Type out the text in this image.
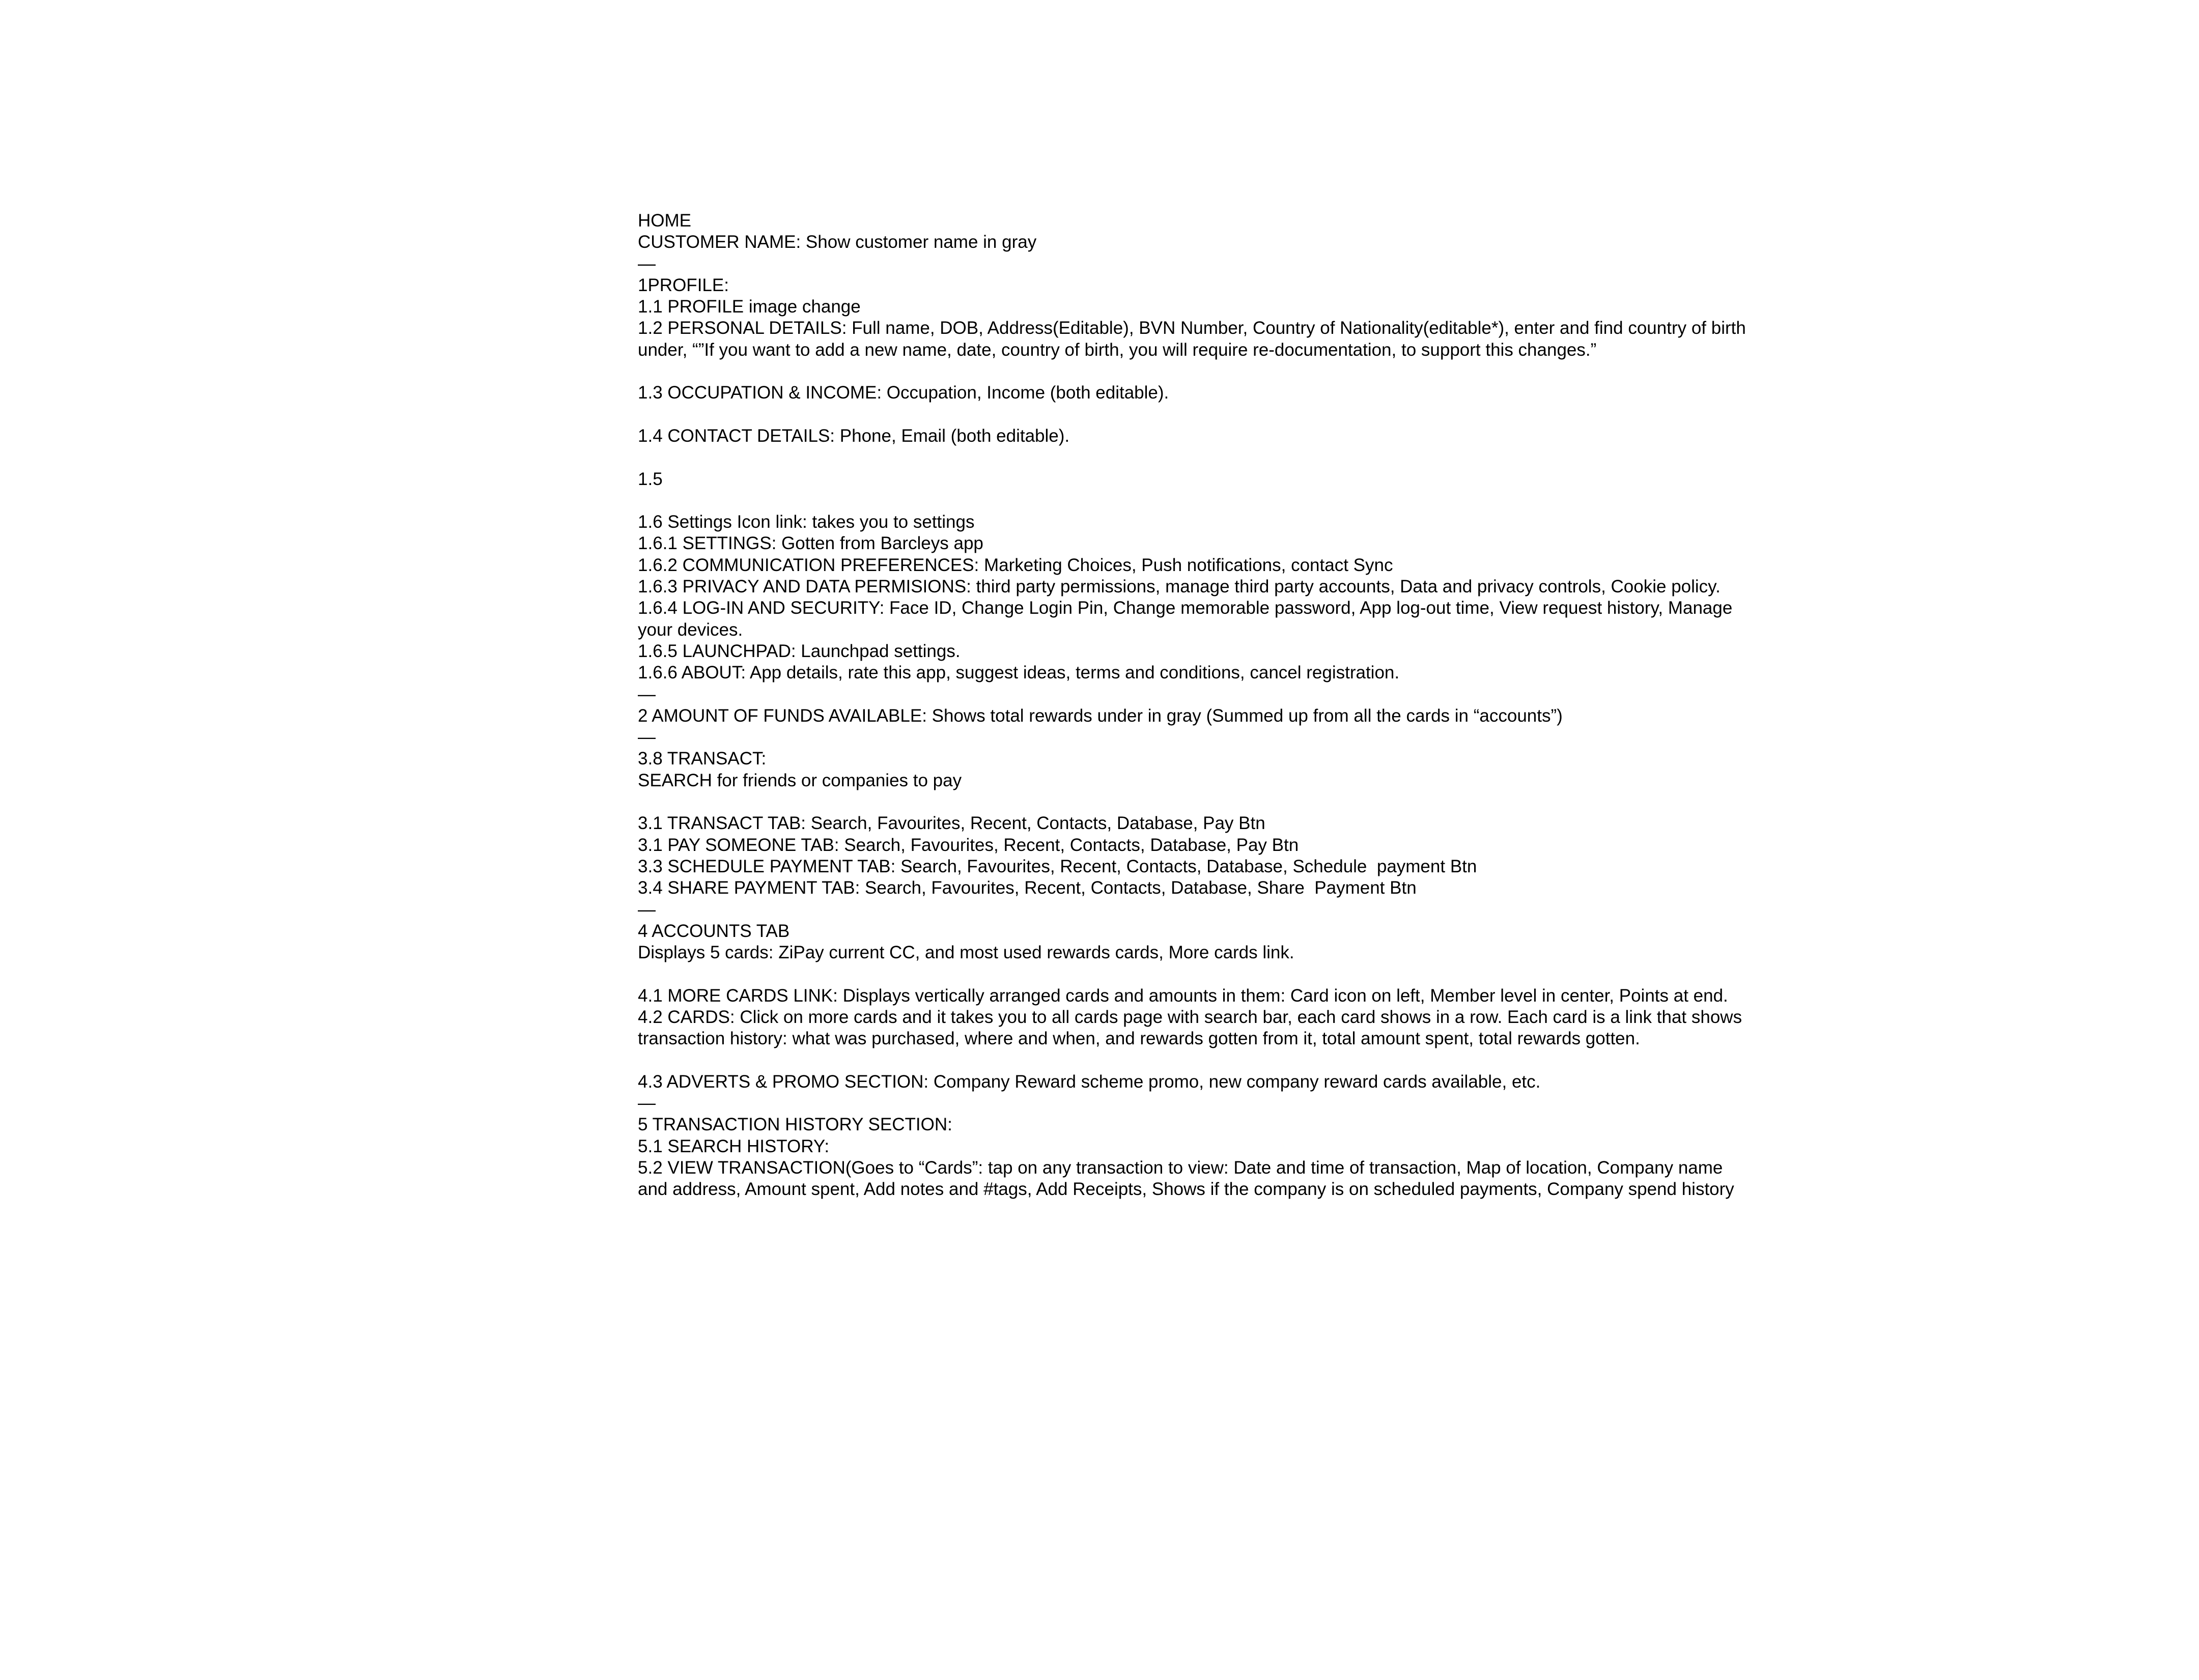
HOME

CUSTOMER NAME: Show customer name in gray

—

1PROFILE:

1.1 PROFILE image change

1.2 PERSONAL DETAILS: Full name, DOB, Address(Editable), BVN Number, Country of Nationality(editable*), enter and find country of birth under, “”If you want to add a new name, date, country of birth, you will require re-documentation, to support this changes.”

1.3 OCCUPATION & INCOME: Occupation, Income (both editable).

1.4 CONTACT DETAILS: Phone, Email (both editable).

1.5

1.6 Settings Icon link: takes you to settings

1.6.1 SETTINGS: Gotten from Barcleys app

1.6.2 COMMUNICATION PREFERENCES: Marketing Choices, Push notifications, contact Sync

1.6.3 PRIVACY AND DATA PERMISIONS: third party permissions, manage third party accounts, Data and privacy controls, Cookie policy.

1.6.4 LOG-IN AND SECURITY: Face ID, Change Login Pin, Change memorable password, App log-out time, View request history, Manage your devices.

1.6.5 LAUNCHPAD: Launchpad settings.

1.6.6 ABOUT: App details, rate this app, suggest ideas, terms and conditions, cancel registration.

—

2 AMOUNT OF FUNDS AVAILABLE: Shows total rewards under in gray (Summed up from all the cards in “accounts”)

—

3.8 TRANSACT:

SEARCH for friends or companies to pay

3.1 TRANSACT TAB: Search, Favourites, Recent, Contacts, Database, Pay Btn

3.1 PAY SOMEONE TAB: Search, Favourites, Recent, Contacts, Database, Pay Btn

3.3 SCHEDULE PAYMENT TAB: Search, Favourites, Recent, Contacts, Database, Schedule  payment Btn

3.4 SHARE PAYMENT TAB: Search, Favourites, Recent, Contacts, Database, Share  Payment Btn

—

4 ACCOUNTS TAB

Displays 5 cards: ZiPay current CC, and most used rewards cards, More cards link.

4.1 MORE CARDS LINK: Displays vertically arranged cards and amounts in them: Card icon on left, Member level in center, Points at end.

4.2 CARDS: Click on more cards and it takes you to all cards page with search bar, each card shows in a row. Each card is a link that shows transaction history: what was purchased, where and when, and rewards gotten from it, total amount spent, total rewards gotten.

4.3 ADVERTS & PROMO SECTION: Company Reward scheme promo, new company reward cards available, etc.

—

5 TRANSACTION HISTORY SECTION:

5.1 SEARCH HISTORY:

5.2 VIEW TRANSACTION(Goes to “Cards”: tap on any transaction to view: Date and time of transaction, Map of location, Company name and address, Amount spent, Add notes and #tags, Add Receipts, Shows if the company is on scheduled payments, Company spend history
